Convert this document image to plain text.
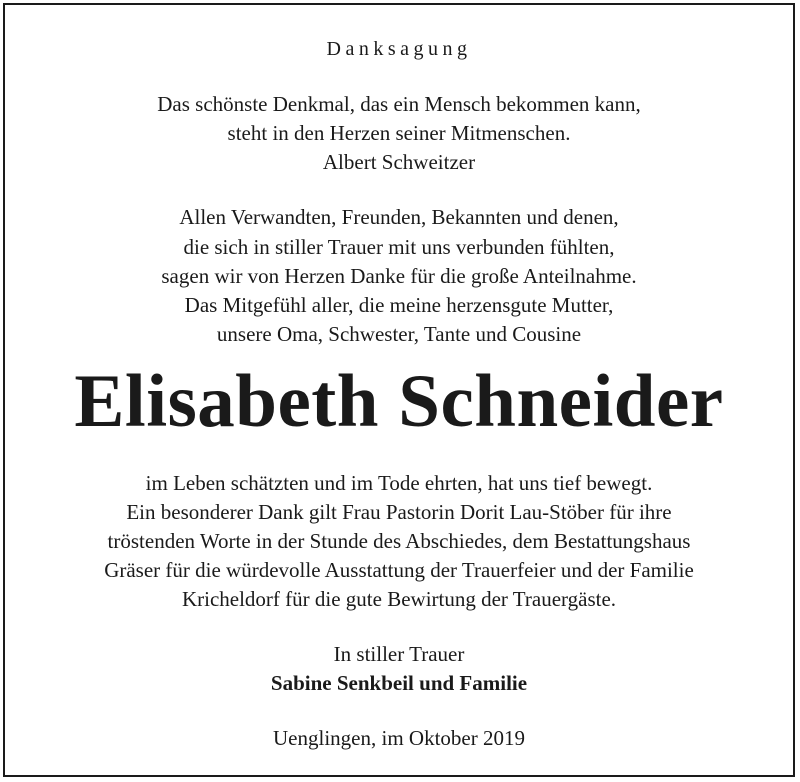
Danksagung
Das schönste Denkmal, das ein Mensch bekommen kann,
steht in den Herzen seiner Mitmenschen.
Albert Schweitzer
Allen Verwandten, Freunden, Bekannten und denen,
die sich in stiller Trauer mit uns verbunden fühlten,
sagen wir von Herzen Danke für die große Anteilnahme.
Das Mitgefühl aller, die meine herzensgute Mutter,
unsere Oma, Schwester, Tante und Cousine
Elisabeth Schneider
im Leben schätzten und im Tode ehrten, hat uns tief bewegt.
Ein besonderer Dank gilt Frau Pastorin Dorit Lau-Stöber für ihre
tröstenden Worte in der Stunde des Abschiedes, dem Bestattungshaus
Gräser für die würdevolle Ausstattung der Trauerfeier und der Familie
Kricheldorf für die gute Bewirtung der Trauergäste.
In stiller Trauer
Sabine Senkbeil und Familie
Uenglingen, im Oktober 2019
